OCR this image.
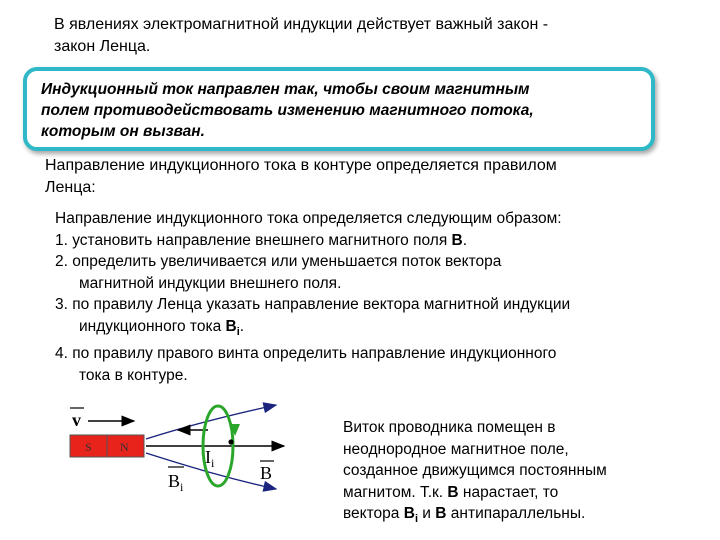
В явлениях электромагнитной индукции действует важный закон -
закон Ленца.
Индукционный ток направлен так, чтобы своим магнитным
полем противодействовать изменению магнитного потока,
которым он вызван.
Направление индукционного тока в контуре определяется правилом
Ленца:

Направление индукционного тока определяется следующим образом:

1. установить направление внешнего магнитного поля B.

2. определить увеличивается или уменьшается поток вектора

магнитной индукции внешнего поля.

3. по правилу Ленца указать направление вектора магнитной индукции

индукционного тока $B_i$.

4. по правилу правого винта определить направление индукционного

тока в контуре.

v
S N	$I_i$
$B_i$
B
Виток проводника помещен в
неоднородное магнитное поле,
созданное движущимся постоянным
магнитом. Т.к. B нарастает, то
вектора $B_i$ и B антипараллельны.
